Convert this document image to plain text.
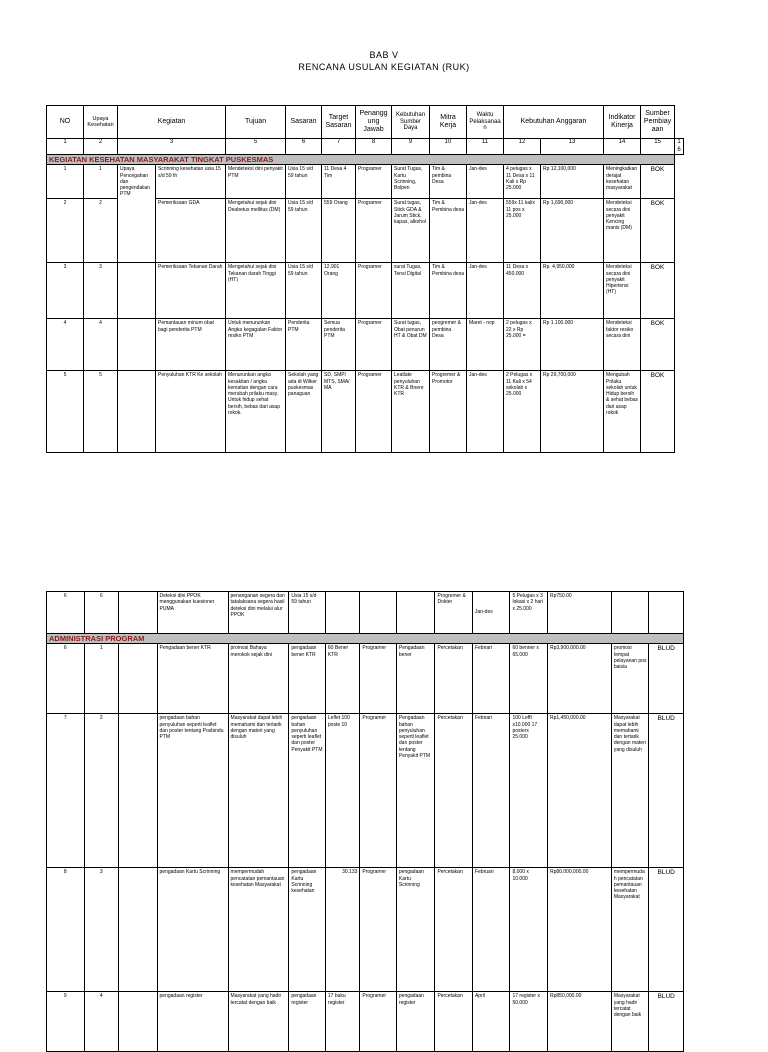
BAB V
RENCANA USULAN KEGIATAN (RUK)
NO	Upaya Kesehatan	Kegiatan		Tujuan	Sasaran	Target Sasaran	Penanggung Jawab	Kebutuhan Sumber Daya	Mitra Kerja	Waktu Pelaksanaan	Kebutuhan Anggaran		Indikator Kinerja	Sumber Pembiayaan	
1	2	3		5	6	7	8	9	10	11	12	13	14	15	16
KEGIATAN KESEHATAN MASYARAKAT TINGKAT PUSKESMAS															
1	1	Upaya Pencegahan dan pengendalian PTM	Scrinning kesehatan usia 15 s/d 59 th	Mendeteksi dini penyakit PTM	Usia 15 s/d 59 tahun	11 Desa 4 Tim	Programer	Surat Tugas, Kartu Scrinning, Bolpen	Tim & pembina Desa	Jan-des	4 pelugas x 11 Desa x 11 Kali x Rp 25.000	Rp 12,100,000	Meningkatkan derajat kesehatan masyarakat	BOK	
2	2		Pemeriksaan GDA	Mengetahui sejak dini Deabetus mellitus (DM)	Usia 15 s/d 59 tahun	559 Orang	Programer	Surat tugas, Stick GDA & Jarum Stick, kapas, alkohol	Tim & Pembina desa	Jan-des	559x 11 kalix 11 pos x 25.000	Rp 1,690,000	Mendeteksi secara dini penyakit Kencing manis (DM)	BOK	
3	3		Pemeriksaan Tekanan Darah	Mengetahui sejak dini Tekanan darah Tinggi (HT)	Usia 15 s/d 59 tahun	12,901 Orang	Programer	surat Tugas, Tensi Digital	Tim & Pembina desa	Jan-des	11 Desa x 450.000	Rp. 4,950,000	Mendeteksi secara dini penyakit Hipertensi (HT)	BOK	
4	4		Pemantauan minum obat bagi penderita PTM	Untuk menurunkan Angka kegagalan Faktor resiko PTM	Penderita PTM	Semua penderita PTM	Programer	Surat tugas, Obat penurun HT & Obat DM	peogremer & pembina Desa	Maret - nop	2 pelugas x 22 x Rp 25.000 =	Rp 1.100.000	Mendeteksi faktor resiko secara dini	BOK	
5	5		Penyuluhan KTR Ke sekolah	Menurunkan angka kesakitan / angka kematian dengan cara merubah prilaku masy. Untuk hidup sehat bersih, bebas dari asap rokok.	Sekolah yang ada di Wilker puskesmas panaguan	SD, SMP/ MTS, SMA/ MA	Programer	Leatlate penyuluhan KTR & Bnere KTR	Progremer & Promotor	Jan-des	2 Pelugas x 11 Kali x 54 sekolah x 25.000	Rp 29,700,000	Mengubah Prilaku sekolah untuk Hidup bersih & sehat bebas dari asap rokok	BOK	
6	6		Deteksi dini PPOK menggunakan kuesioner PUMA	penanganan segera dan tatalaksana segera hasil deteksi dini melalui alur PPOK	Usia 15 s/d 59 tahun				Progremer & Dokter	Jan-des	5 Pelugas x 3 lokasi x 2 hari x 25.000	Rp750.00		
ADMINISTRASI PROGRAM														
6	1		Pengadaan bener KTR	promosi Bahaya merokok sejak dini	pengadaan bener KTR	60 Bener KTR	Programer	Pengadaan bener	Percetakan	Febnari	60 benner x 65.000	Rp3,900,000.00	promosi tempat pelayanan pos baisia	BLUD
7	2		pengadaan bahan penyuluhan seperti leaflet dan poster tentang Posbindu PTM	Masyarakat dapat lebih memahami dan tertarik dengan materi yang disuluh	pengadaan bahan penyuluhan seperti leaflet dan poster Penyakit PTM	Leflet 100 poste 10	Programer	Pengadaan bahan penyuluhan seperti leaflet dan poster tentang Penyakit PTM	Percetakan	Febnari	100 Lefft x10.000 17 posterx 25.000	Rp1,450,000.00	Masyarakat dapat lebih memahami dan tertarik dengan materi yang disuluh	BLUD
8	3		pengadaan Kartu Scrinning	mempermudah pencatatan pemantauan kesehatan Masyarakat	pengadaan Kartu Scrinning kesehatan	30.133	Programer	pengadaan Kartu Scrinning	Percetakan	Februari	8,000 x 10.000	Rp80,000,000.00	mempermudah pencatatan pemantauan kesehatan Masyarakat	BLUD
9	4		pengadaan register	Masyarakat yang hadir tercatat dengan baik	pengadaan register	17 buku register	Programer	pengadaan register	Percetakan	April	17 register x 50.000	Rp850,000.00	Masyarakat yang hadir tercatat dengan baik	BLUD
